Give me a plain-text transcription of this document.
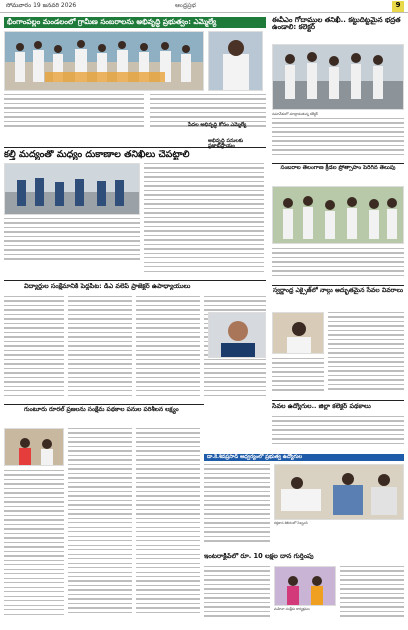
సోమవారం 19 జనవరి 2026	ఆంధ్రప్రభ	9
భీంగాంపల్లం మండలంలో గ్రామీణ సంబరాలను అభివృద్ధి ప్రభుత్వం: ఎమ్మెల్యే
పేదల అభివృద్ధి కోసం ఎమ్మెల్యే
కల్తీ మద్యంతో మధ్యం దుకాణాల తనిఖీలు చేపట్టాలి
విద్యార్థుల సంక్షేమానికి పెద్దపీట: డీఎ వలెప్ ప్రాజెక్టర్ ఉపాధ్యాయులు
గుంటూరు రూరల్ ప్రజలను సంక్షేమ పథకాల పనుల పరిశీలన లక్ష్యం
అభివృద్ధి పనులకు ప్రజాభిప్రాయం
డా.కె.శివప్రసాద్ ఆధ్వర్యంలో ప్రభుత్వ ఉద్యోగుల
రక్తదాన శిబిరంలో సిబ్బంది
ఇంటరాక్టివ్‌లో రూ. 10 లక్షల దాన గుర్తింపు
ఈవీఎం గోదాముల తనిఖీ.. కట్టుదిట్టమైన భద్రత ఉండాలి: కలెక్టర్
సమావేశంలో మాట్లాడుతున్న కలెక్టర్
సంబరాల తెలంగాణ క్రీడల ప్రోత్సాహం పెరిగిన తెలుపు
స్వర్ణాంధ్ర ఎక్సైజ్‌లో నాల్గు అద్భుతమైన సేవల వివరాలు
సేవల ఉద్యోగుల.. జిల్లా కలెక్టర్ పథకాలు
మహిళా సంక్షేమ కార్యక్రమం
